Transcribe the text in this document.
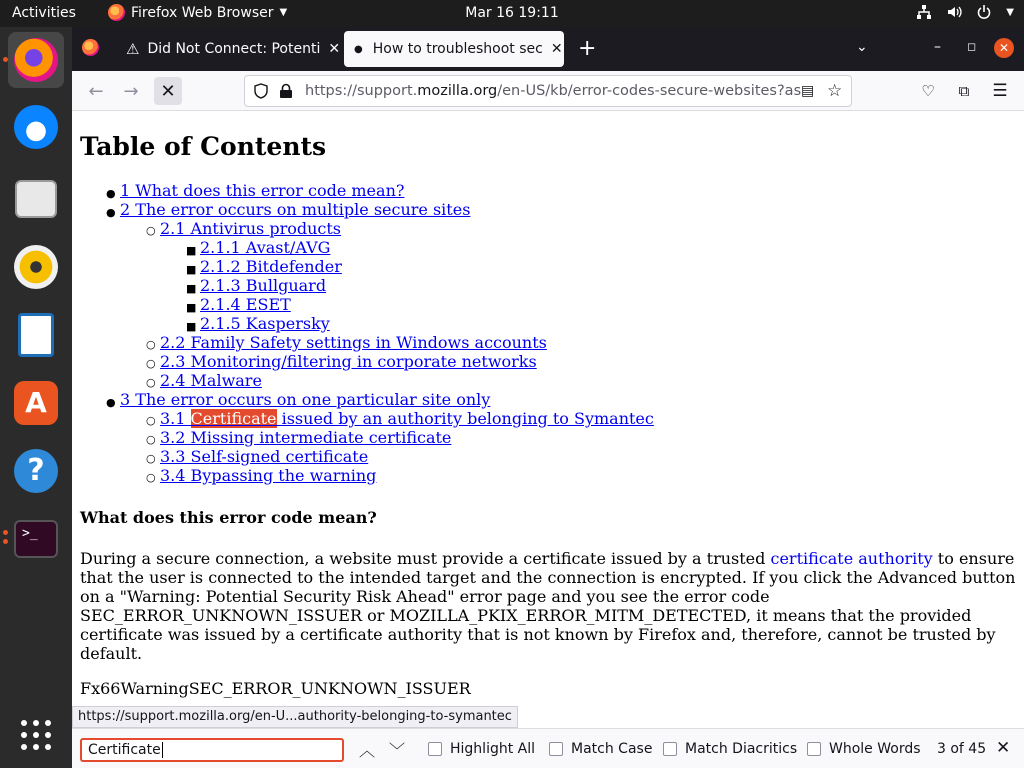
Activities	Firefox Web Browser ▼	Mar 16 19:11	▼
A
?
>_
⚠ Did Not Connect: Potenti ✕ ● How to troubleshoot sec ✕ +	⌄	– ◻	✕
← → ✕	https://support.mozilla.org/en-US/kb/error-codes-secure-websites?as ▤ ☆	♡ ⧉ ☰
Table of Contents
● 1 What does this error code mean?
● 2 The error occurs on multiple secure sites
○ 2.1 Antivirus products
■ 2.1.1 Avast/AVG
■ 2.1.2 Bitdefender
■ 2.1.3 Bullguard
■ 2.1.4 ESET
■ 2.1.5 Kaspersky
○ 2.2 Family Safety settings in Windows accounts
○ 2.3 Monitoring/filtering in corporate networks
○ 2.4 Malware
● 3 The error occurs on one particular site only
○ 3.1 Certificate issued by an authority belonging to Symantec
○ 3.2 Missing intermediate certificate
○ 3.3 Self-signed certificate
○ 3.4 Bypassing the warning
What does this error code mean?

During a secure connection, a website must provide a certificate issued by a trusted certificate authority to ensure that the user is connected to the intended target and the connection is encrypted. If you click the Advanced button on a "Warning: Potential Security Risk Ahead" error page and you see the error code SEC_ERROR_UNKNOWN_ISSUER or MOZILLA_PKIX_ERROR_MITM_DETECTED, it means that the provided certificate was issued by a certificate authority that is not known by Firefox and, therefore, cannot be trusted by default.

Fx66WarningSEC_ERROR_UNKNOWN_ISSUER

https://support.mozilla.org/en-U...authority-belonging-to-symantec
Certificate	︿ ﹀	Highlight All	Match Case Match Diacritics Whole Words 3 of 45 ✕
